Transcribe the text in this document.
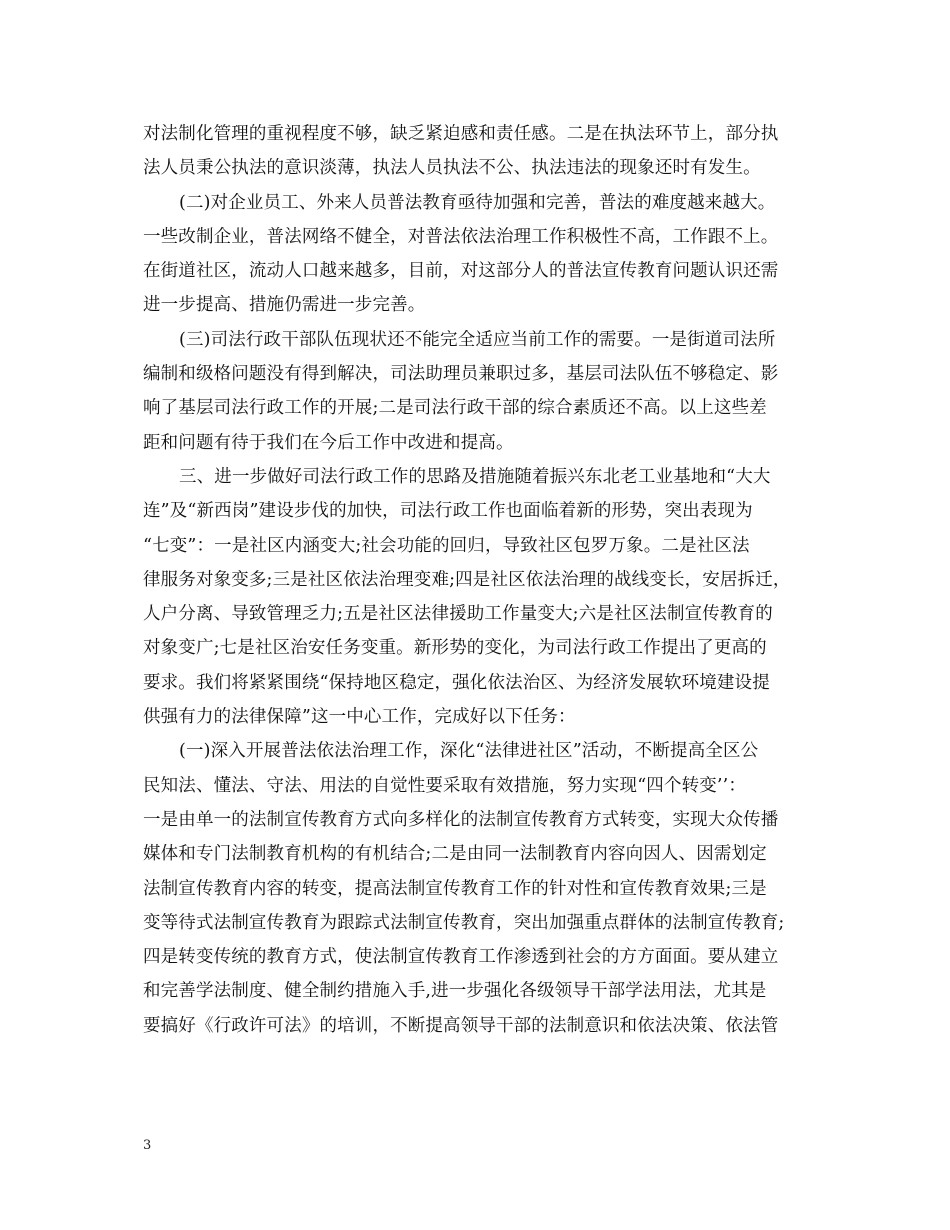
对法制化管理的重视程度不够，缺乏紧迫感和责任感。二是在执法环节上，部分执
法人员秉公执法的意识淡薄，执法人员执法不公、执法违法的现象还时有发生。
(二)对企业员工、外来人员普法教育亟待加强和完善，普法的难度越来越大。
一些改制企业，普法网络不健全，对普法依法治理工作积极性不高，工作跟不上。
在街道社区，流动人口越来越多，目前，对这部分人的普法宣传教育问题认识还需
进一步提高、措施仍需进一步完善。
(三)司法行政干部队伍现状还不能完全适应当前工作的需要。一是街道司法所
编制和级格问题没有得到解决，司法助理员兼职过多，基层司法队伍不够稳定、影
响了基层司法行政工作的开展;二是司法行政干部的综合素质还不高。以上这些差
距和问题有待于我们在今后工作中改进和提高。
三、进一步做好司法行政工作的思路及措施随着振兴东北老工业基地和“大大
连”及“新西岗”建设步伐的加快，司法行政工作也面临着新的形势，突出表现为
“七变”：一是社区内涵变大;社会功能的回归，导致社区包罗万象。二是社区法
律服务对象变多;三是社区依法治理变难;四是社区依法治理的战线变长，安居拆迁，
人户分离、导致管理乏力;五是社区法律援助工作量变大;六是社区法制宣传教育的
对象变广;七是社区治安任务变重。新形势的变化，为司法行政工作提出了更高的
要求。我们将紧紧围绕“保持地区稳定，强化依法治区、为经济发展软环境建设提
供强有力的法律保障”这一中心工作，完成好以下任务：
(一)深入开展普法依法治理工作，深化“法律进社区”活动，不断提高全区公
民知法、懂法、守法、用法的自觉性要采取有效措施，努力实现“四个转变’’：
一是由单一的法制宣传教育方式向多样化的法制宣传教育方式转变，实现大众传播
媒体和专门法制教育机构的有机结合;二是由同一法制教育内容向因人、因需划定
法制宣传教育内容的转变，提高法制宣传教育工作的针对性和宣传教育效果;三是
变等待式法制宣传教育为跟踪式法制宣传教育，突出加强重点群体的法制宣传教育;
四是转变传统的教育方式，使法制宣传教育工作渗透到社会的方方面面。要从建立
和完善学法制度、健全制约措施入手,进一步强化各级领导干部学法用法，尤其是
要搞好《行政许可法》的培训，不断提高领导干部的法制意识和依法决策、依法管
3
